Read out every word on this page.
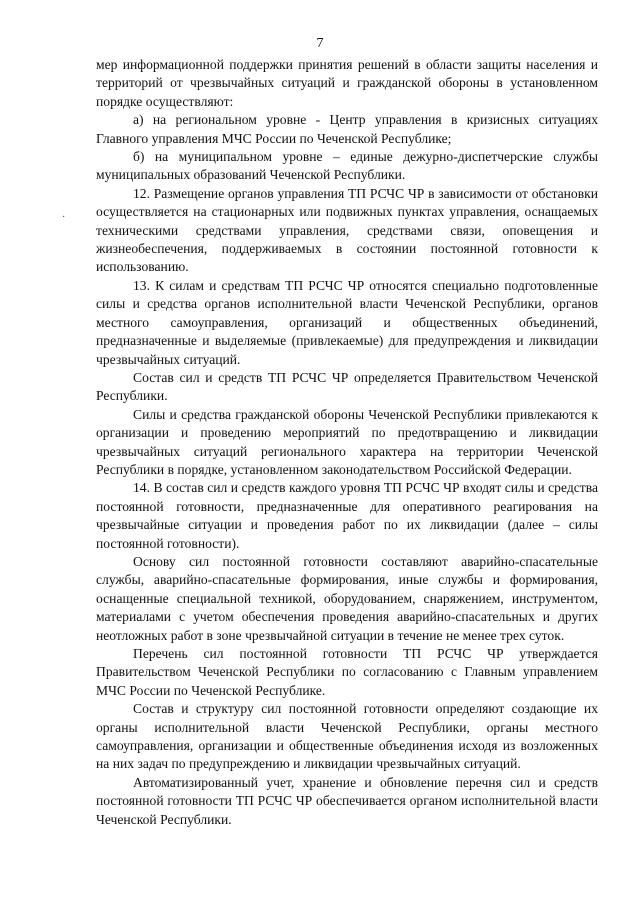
7
·

мер информационной поддержки принятия решений в области защиты населения и территорий от чрезвычайных ситуаций и гражданской обороны в установленном порядке осуществляют:

а) на региональном уровне - Центр управления в кризисных ситуациях Главного управления МЧС России по Чеченской Республике;

б) на муниципальном уровне – единые дежурно-диспетчерские службы муниципальных образований Чеченской Республики.

12. Размещение органов управления ТП РСЧС ЧР в зависимости от обстановки осуществляется на стационарных или подвижных пунктах управления, оснащаемых техническими средствами управления, средствами связи, оповещения и жизнеобеспечения, поддерживаемых в состоянии постоянной готовности к использованию.

13. К силам и средствам ТП РСЧС ЧР относятся специально подготовленные силы и средства органов исполнительной власти Чеченской Республики, органов местного самоуправления, организаций и общественных объединений, предназначенные и выделяемые (привлекаемые) для предупреждения и ликвидации чрезвычайных ситуаций.

Состав сил и средств ТП РСЧС ЧР определяется Правительством Чеченской Республики.

Силы и средства гражданской обороны Чеченской Республики привлекаются к организации и проведению мероприятий по предотвращению и ликвидации чрезвычайных ситуаций регионального характера на территории Чеченской Республики в порядке, установленном законодательством Российской Федерации.

14. В состав сил и средств каждого уровня ТП РСЧС ЧР входят силы и средства постоянной готовности, предназначенные для оперативного реагирования на чрезвычайные ситуации и проведения работ по их ликвидации (далее – силы постоянной готовности).

Основу сил постоянной готовности составляют аварийно-спасательные службы, аварийно-спасательные формирования, иные службы и формирования, оснащенные специальной техникой, оборудованием, снаряжением, инструментом, материалами с учетом обеспечения проведения аварийно-спасательных и других неотложных работ в зоне чрезвычайной ситуации в течение не менее трех суток.

Перечень сил постоянной готовности ТП РСЧС ЧР утверждается Правительством Чеченской Республики по согласованию с Главным управлением МЧС России по Чеченской Республике.

Состав и структуру сил постоянной готовности определяют создающие их органы исполнительной власти Чеченской Республики, органы местного самоуправления, организации и общественные объединения исходя из возложенных на них задач по предупреждению и ликвидации чрезвычайных ситуаций.

Автоматизированный учет, хранение и обновление перечня сил и средств постоянной готовности ТП РСЧС ЧР обеспечивается органом исполнительной власти Чеченской Республики.
